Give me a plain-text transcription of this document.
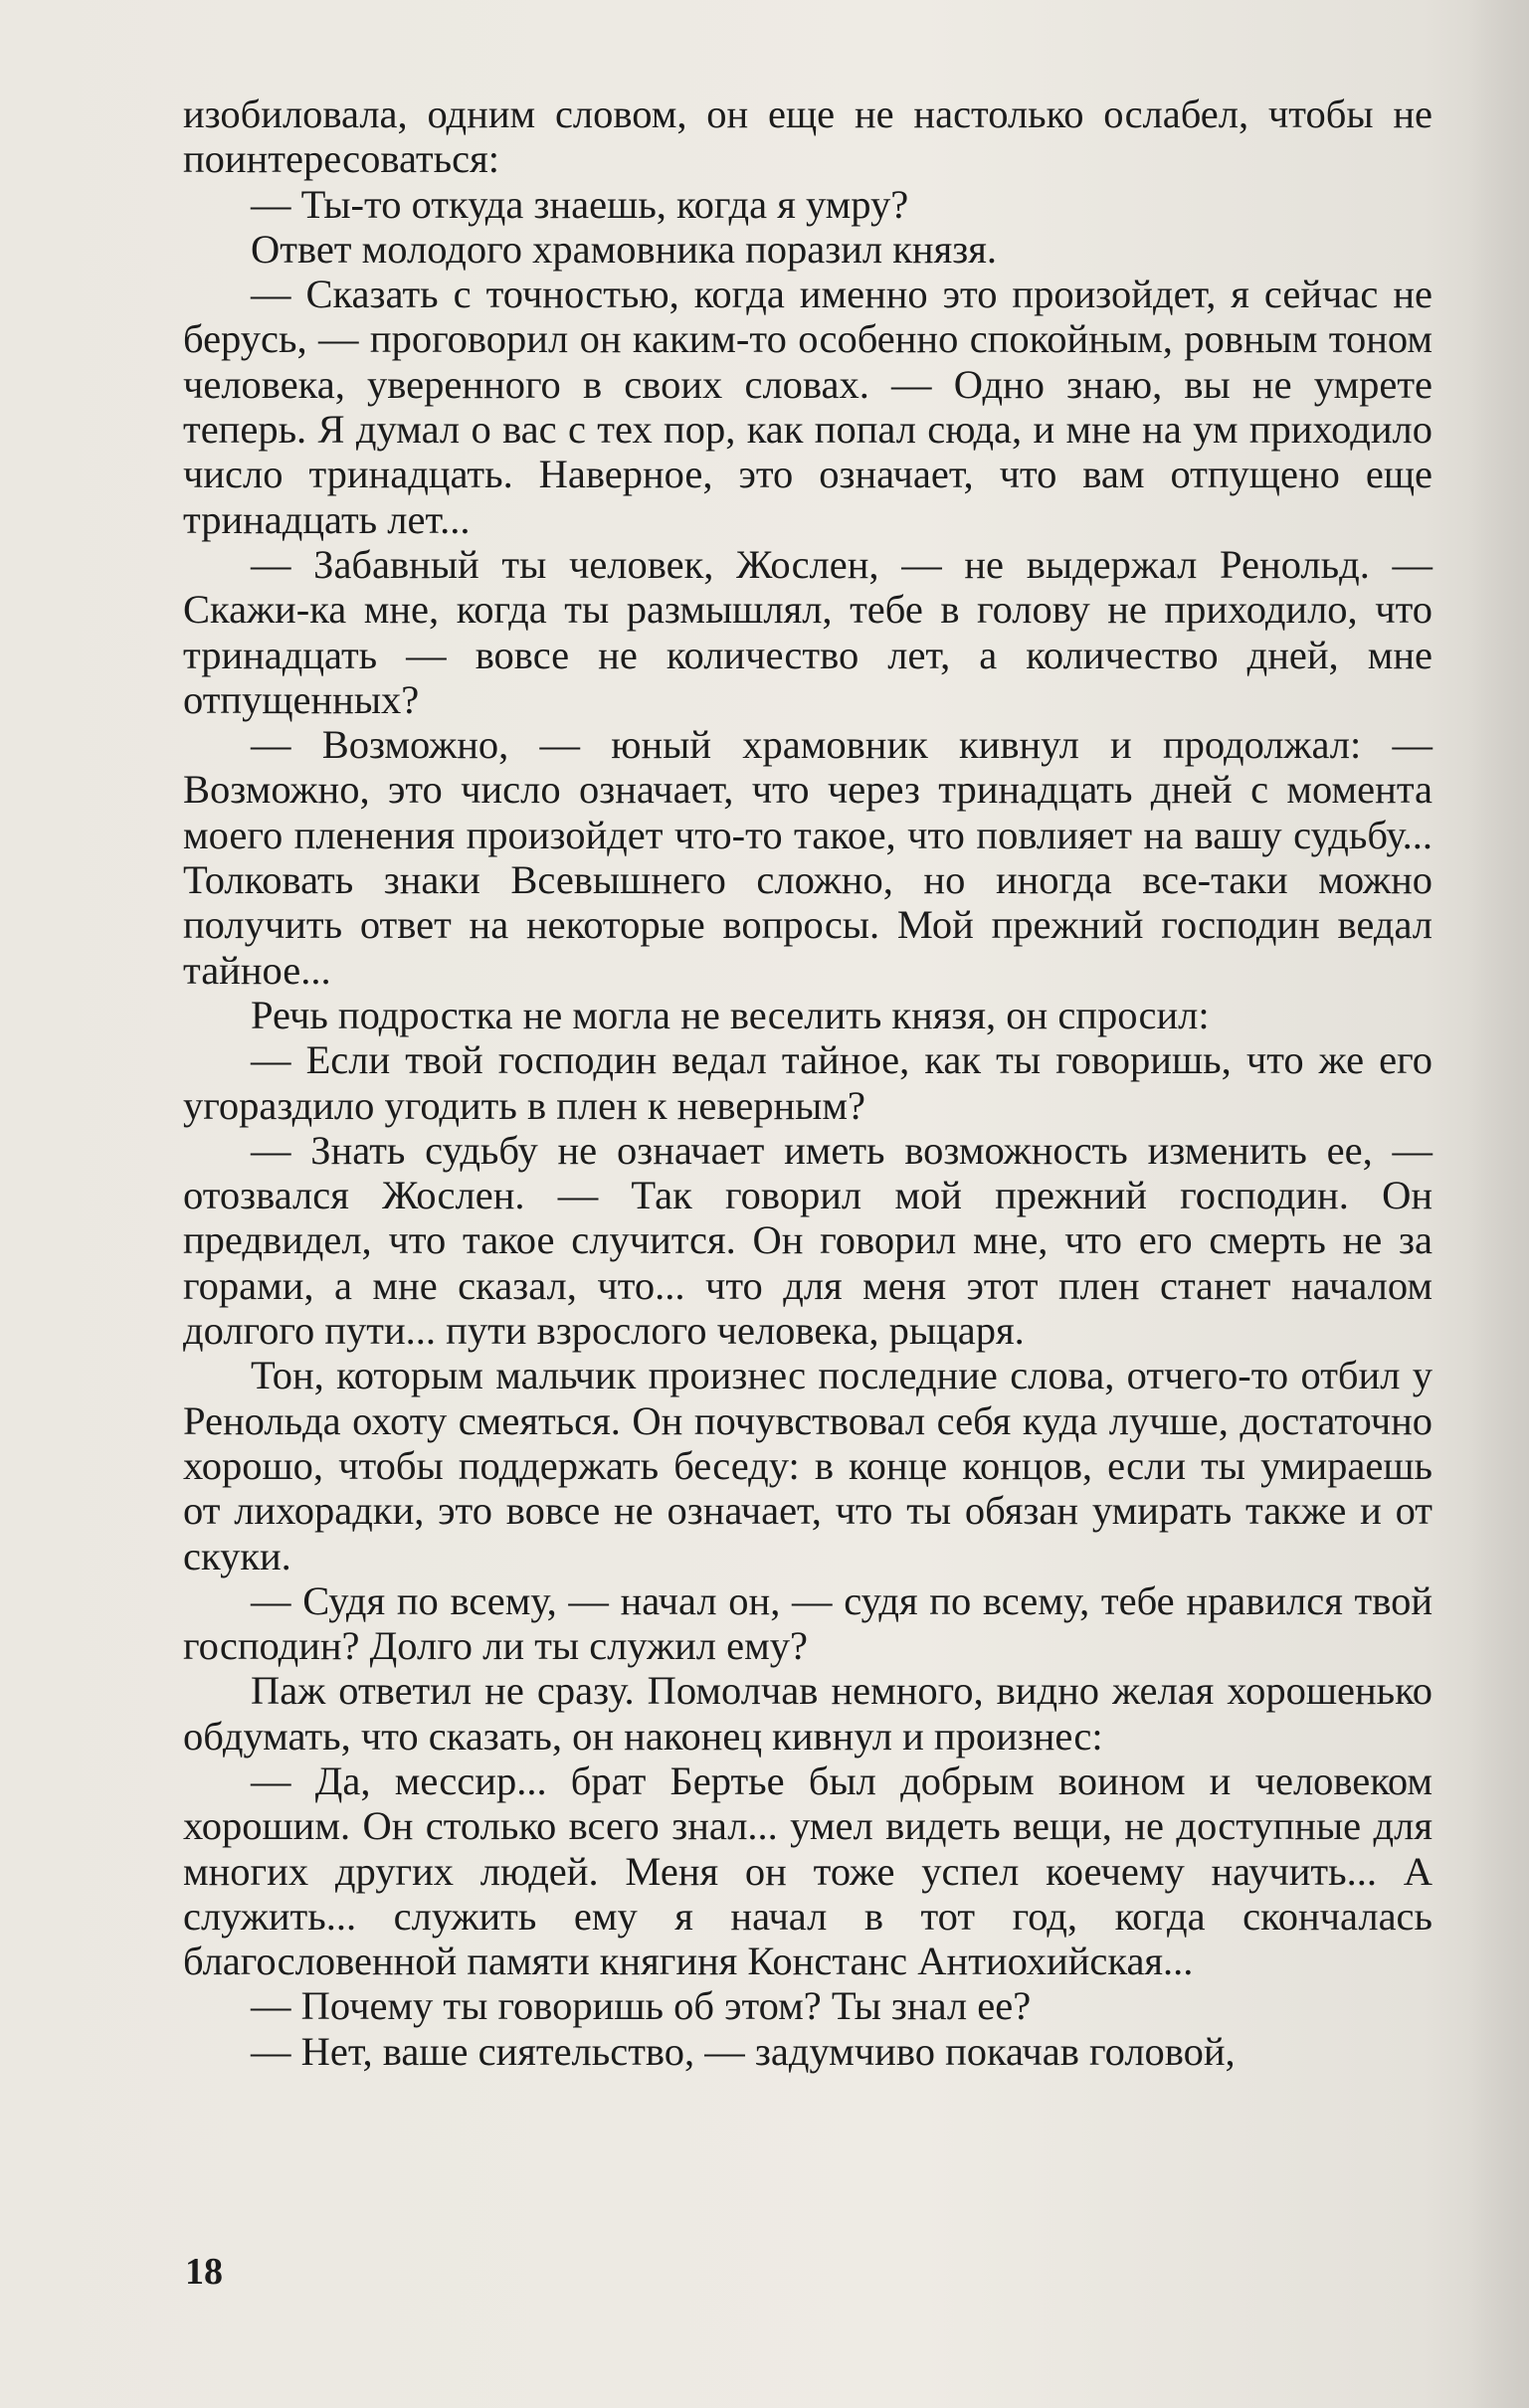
изобиловала, одним словом, он еще не настолько ослабел, чтобы не поинтересоваться:

— Ты-то откуда знаешь, когда я умру?

Ответ молодого храмовника поразил князя.

— Сказать с точностью, когда именно это произойдет, я сейчас не берусь, — проговорил он каким-то особенно спокойным, ровным тоном человека, уверенного в своих словах. — Одно знаю, вы не умрете теперь. Я думал о вас с тех пор, как попал сюда, и мне на ум приходило число тринадцать. Наверное, это означает, что вам отпущено еще тринадцать лет...

— Забавный ты человек, Жослен, — не выдержал Ренольд. — Скажи-ка мне, когда ты размышлял, тебе в голову не приходило, что тринадцать — вовсе не количество лет, а количество дней, мне отпущенных?

— Возможно, — юный храмовник кивнул и продолжал: — Возможно, это число означает, что через тринадцать дней с момента моего пленения произойдет что-то такое, что повлияет на вашу судьбу... Толковать знаки Всевышнего сложно, но иногда все-таки можно получить ответ на некоторые вопросы. Мой прежний господин ведал тайное...

Речь подростка не могла не веселить князя, он спросил:

— Если твой господин ведал тайное, как ты говоришь, что же его угораздило угодить в плен к неверным?

— Знать судьбу не означает иметь возможность изменить ее, — отозвался Жослен. — Так говорил мой прежний господин. Он предвидел, что такое случится. Он говорил мне, что его смерть не за горами, а мне сказал, что... что для меня этот плен станет началом долгого пути... пути взрослого человека, рыцаря.

Тон, которым мальчик произнес последние слова, отчего-то отбил у Ренольда охоту смеяться. Он почувствовал себя куда лучше, достаточно хорошо, чтобы поддержать беседу: в конце концов, если ты умираешь от лихорадки, это вовсе не означает, что ты обязан умирать также и от скуки.

— Судя по всему, — начал он, — судя по всему, тебе нравился твой господин? Долго ли ты служил ему?

Паж ответил не сразу. Помолчав немного, видно желая хорошенько обдумать, что сказать, он наконец кивнул и произнес:

— Да, мессир... брат Бертье был добрым воином и человеком хорошим. Он столько всего знал... умел видеть вещи, не доступные для многих других людей. Меня он тоже успел коечему научить... А служить... служить ему я начал в тот год, когда скончалась благословенной памяти княгиня Констанс Антиохийская...

— Почему ты говоришь об этом? Ты знал ее?

— Нет, ваше сиятельство, — задумчиво покачав головой,

18
